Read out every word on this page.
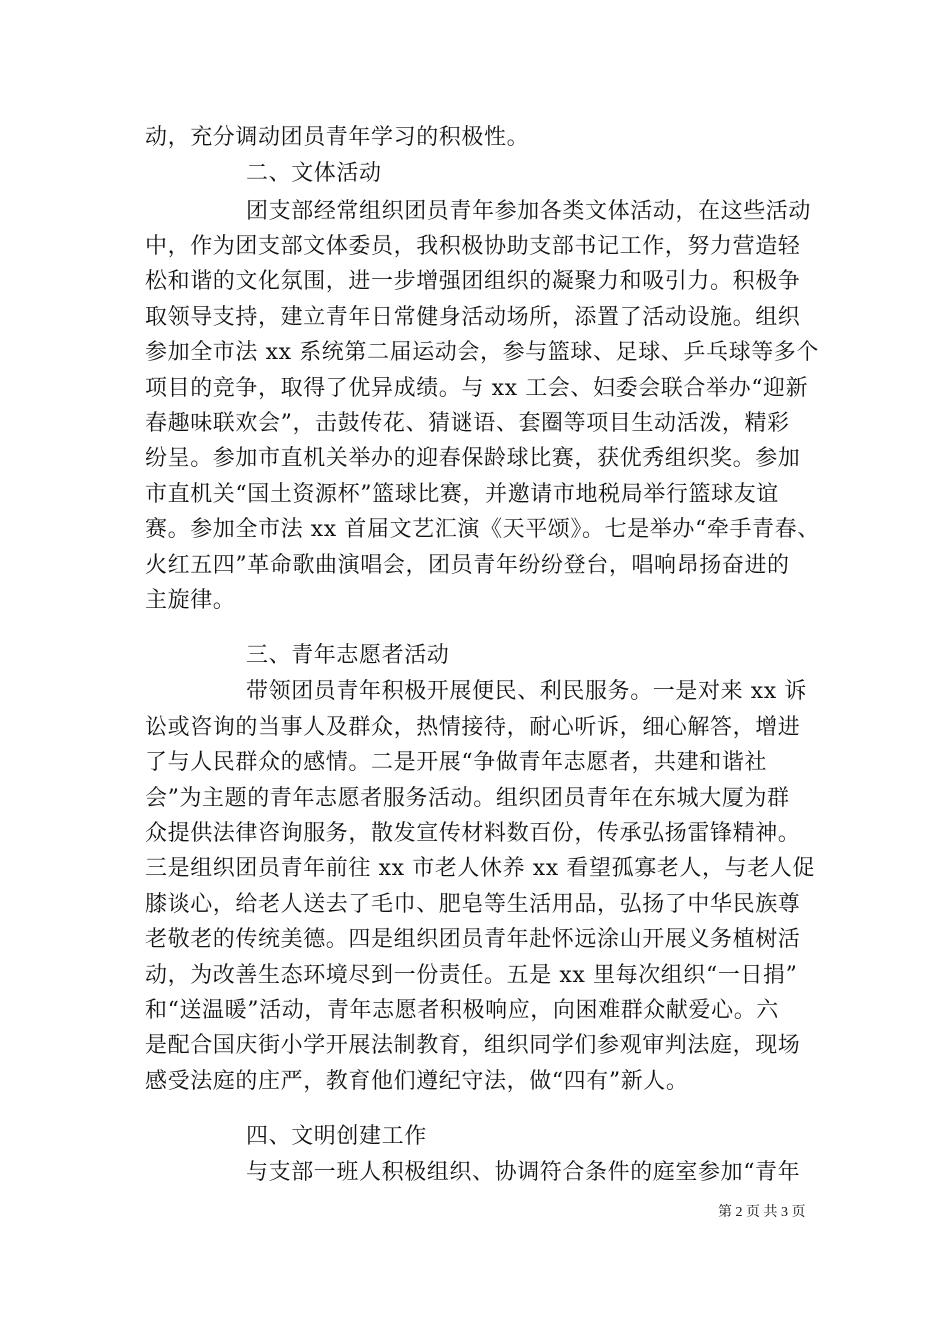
动，充分调动团员青年学习的积极性。
二、文体活动
团支部经常组织团员青年参加各类文体活动，在这些活动
中，作为团支部文体委员，我积极协助支部书记工作，努力营造轻
松和谐的文化氛围，进一步增强团组织的凝聚力和吸引力。积极争
取领导支持，建立青年日常健身活动场所，添置了活动设施。组织
参加全市法 xx 系统第二届运动会，参与篮球、足球、乒乓球等多个
项目的竞争，取得了优异成绩。与 xx 工会、妇委会联合举办“迎新
春趣味联欢会”，击鼓传花、猜谜语、套圈等项目生动活泼，精彩
纷呈。参加市直机关举办的迎春保龄球比赛，获优秀组织奖。参加
市直机关“国土资源杯”篮球比赛，并邀请市地税局举行篮球友谊
赛。参加全市法 xx 首届文艺汇演《天平颂》。七是举办“牵手青春、
火红五四”革命歌曲演唱会，团员青年纷纷登台，唱响昂扬奋进的
主旋律。
三、青年志愿者活动
带领团员青年积极开展便民、利民服务。一是对来 xx 诉
讼或咨询的当事人及群众，热情接待，耐心听诉，细心解答，增进
了与人民群众的感情。二是开展“争做青年志愿者，共建和谐社
会”为主题的青年志愿者服务活动。组织团员青年在东城大厦为群
众提供法律咨询服务，散发宣传材料数百份，传承弘扬雷锋精神。
三是组织团员青年前往 xx 市老人休养 xx 看望孤寡老人，与老人促
膝谈心，给老人送去了毛巾、肥皂等生活用品，弘扬了中华民族尊
老敬老的传统美德。四是组织团员青年赴怀远涂山开展义务植树活
动，为改善生态环境尽到一份责任。五是 xx 里每次组织“一日捐”
和“送温暖”活动，青年志愿者积极响应，向困难群众献爱心。六
是配合国庆街小学开展法制教育，组织同学们参观审判法庭，现场
感受法庭的庄严，教育他们遵纪守法，做“四有”新人。
四、文明创建工作
与支部一班人积极组织、协调符合条件的庭室参加“青年
第 2 页 共 3 页
